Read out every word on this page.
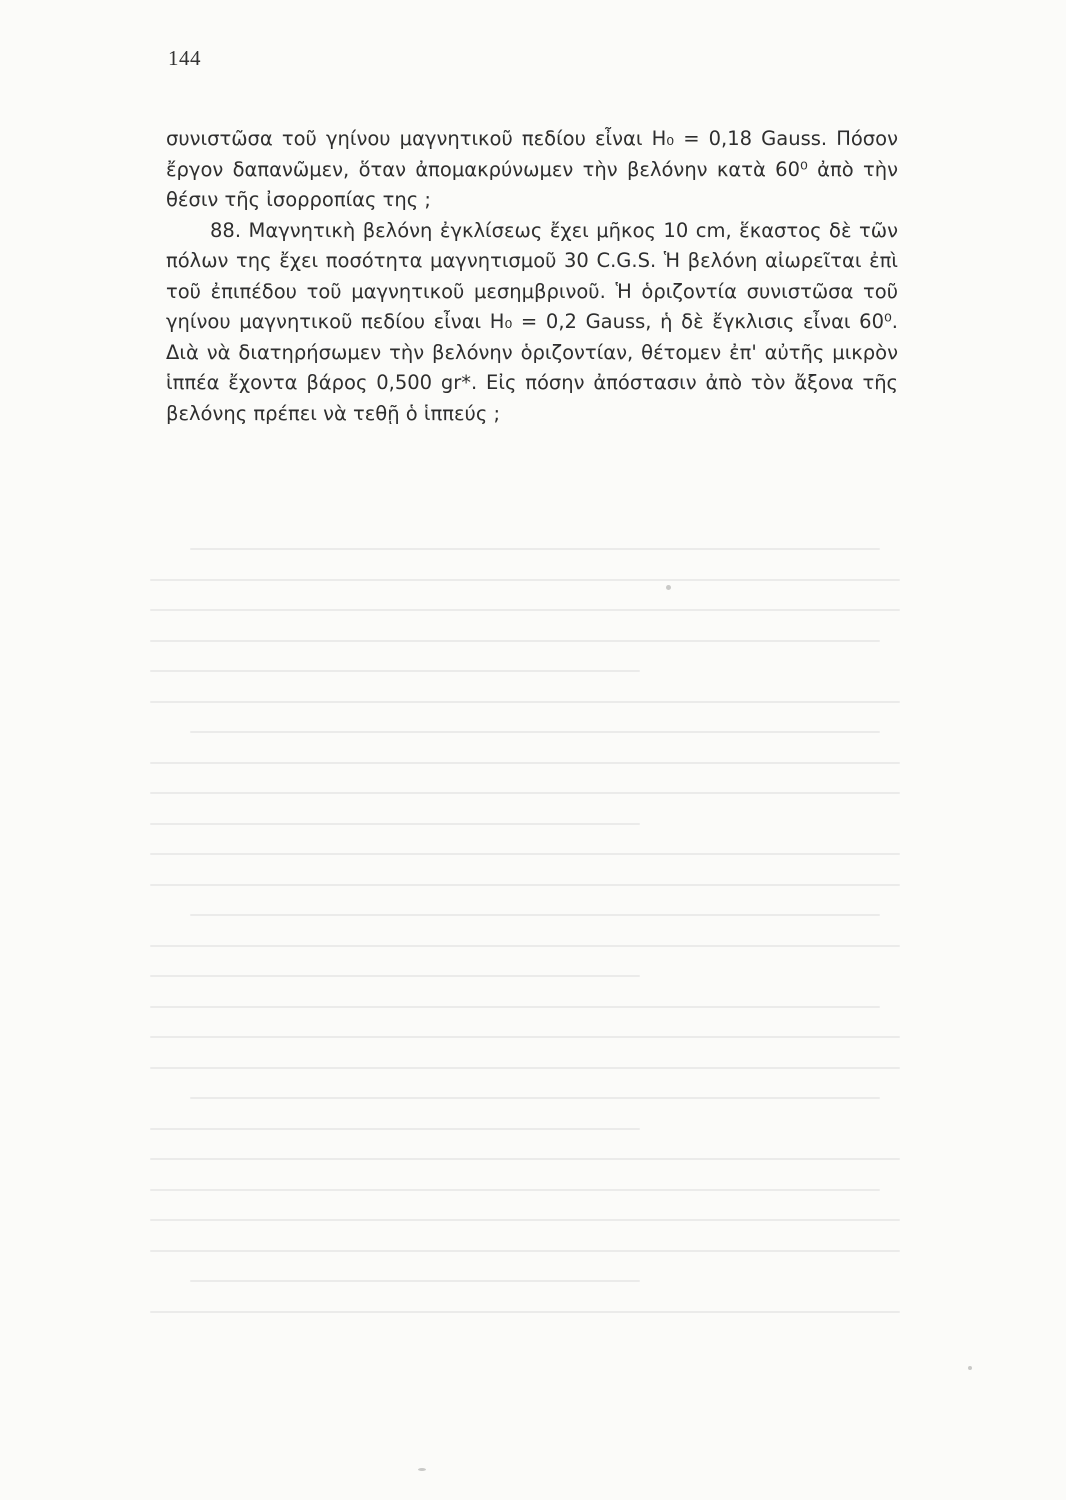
144

συνιστῶσα τοῦ γηίνου μαγνητικοῦ πεδίου εἶναι H₀ = 0,18 Gauss. Πόσον ἔργον δαπανῶμεν, ὅταν ἀπομακρύνωμεν τὴν βελόνην κατὰ 60⁰ ἀπὸ τὴν θέσιν τῆς ἰσορροπίας της ;

88. Μαγνητικὴ βελόνη ἐγκλίσεως ἔχει μῆκος 10 cm, ἕκαστος δὲ τῶν πόλων της ἔχει ποσότητα μαγνητισμοῦ 30 C.G.S. Ἡ βελόνη αἰωρεῖται ἐπὶ τοῦ ἐπιπέδου τοῦ μαγνητικοῦ μεσημβρινοῦ. Ἡ ὁριζοντία συνιστῶσα τοῦ γηίνου μαγνητικοῦ πεδίου εἶναι H₀ = 0,2 Gauss, ἡ δὲ ἔγκλισις εἶναι 60⁰. Διὰ νὰ διατηρήσωμεν τὴν βελόνην ὁριζοντίαν, θέτομεν ἐπ' αὐτῆς μικρὸν ἱππέα ἔχοντα βάρος 0,500 gr*. Εἰς πόσην ἀπόστασιν ἀπὸ τὸν ἄξονα τῆς βελόνης πρέπει νὰ τεθῇ ὁ ἱππεύς ;
